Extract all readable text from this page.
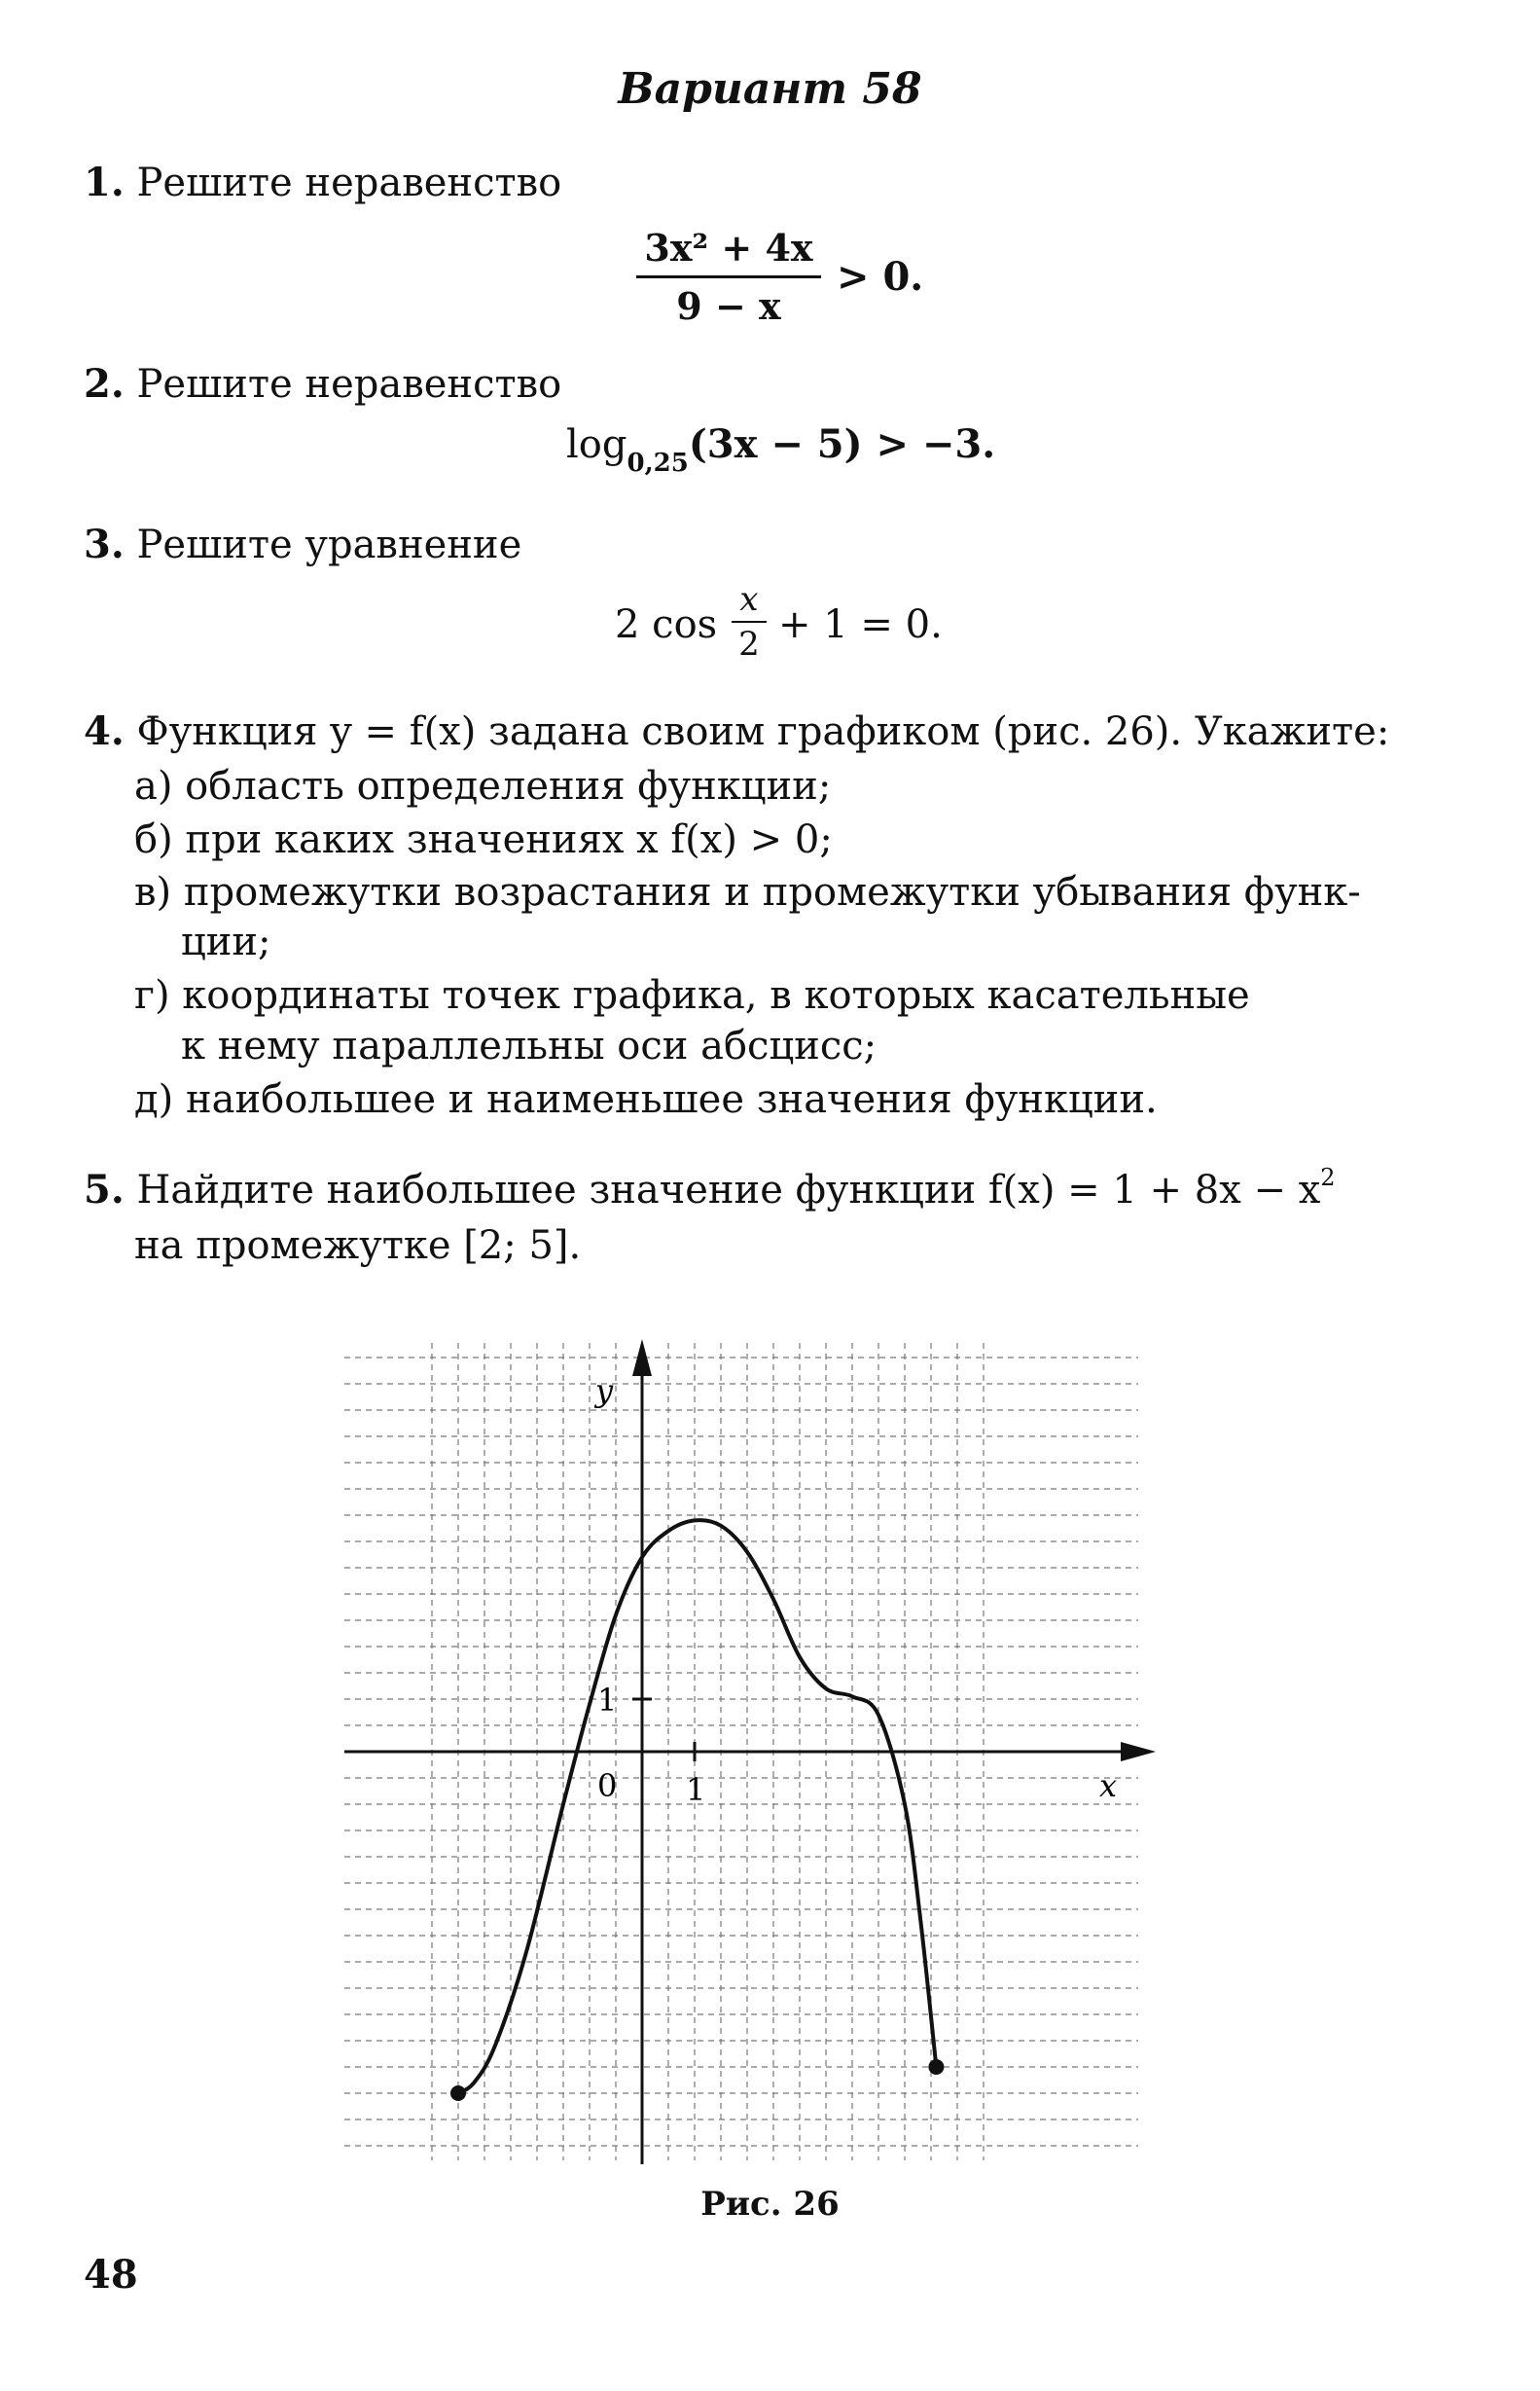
Вариант 58
1. Решите неравенство
3x² + 4x
9 − x
> 0.
2. Решите неравенство
$\log_{0,25}(3x - 5) > -3$.
3. Решите уравнение
2 cos
x
2 + 1 = 0.
4. Функция y = f(x) задана своим графиком (рис. 26). Укажите:
а) область определения функции;
б) при каких значениях x f(x) > 0;
в) промежутки возрастания и промежутки убывания функ-
ции;
г) координаты точек графика, в которых касательные
к нему параллельны оси абсцисс;
д) наибольшее и наименьшее значения функции.
5. Найдите наибольшее значение функции $f(x) = 1 + 8x - x^2$
на промежутке [2; 5].
y
x
0 1
1
Рис. 26
48
